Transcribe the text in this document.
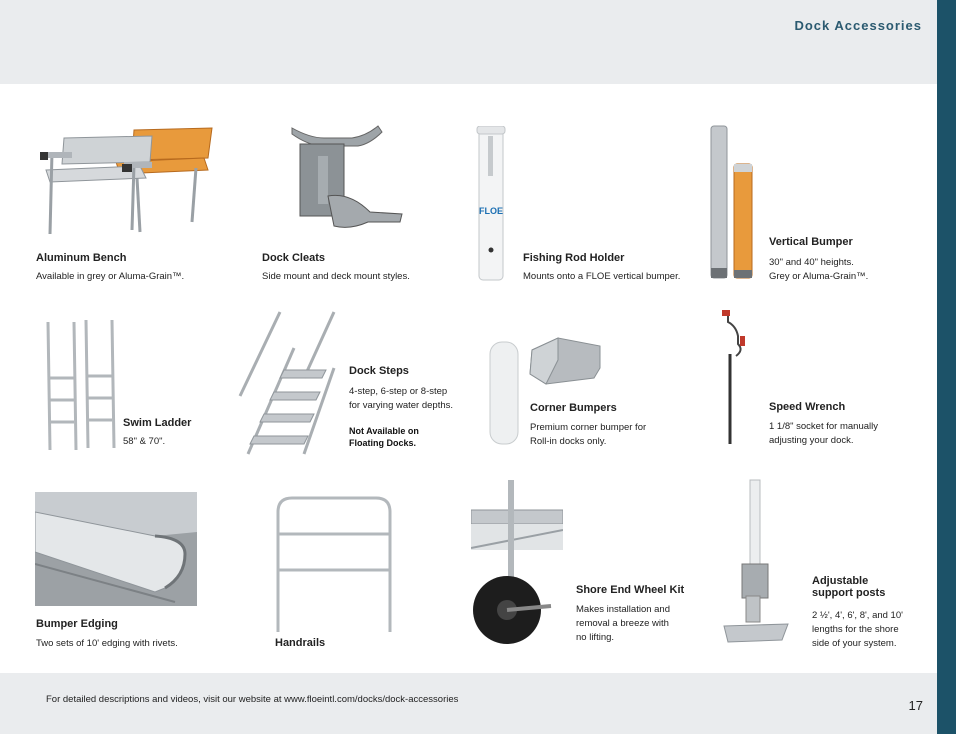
Dock Accessories
Aluminum Bench
Available in grey or Aluma-Grain™.
Dock Cleats
Side mount and deck mount styles.
FLOE
Fishing Rod Holder
Mounts onto a FLOE vertical bumper.
Vertical Bumper
30" and 40" heights.
Grey or Aluma-Grain™.
Swim Ladder
58" & 70".
Dock Steps
4-step, 6-step or 8-step
for varying water depths.
Not Available on
Floating Docks.
Corner Bumpers
Premium corner bumper for
Roll-in docks only.
Speed Wrench
1 1/8" socket for manually
adjusting your dock.
Bumper Edging
Two sets of 10' edging with rivets.	Handrails
Shore End Wheel Kit
Makes installation and
removal a breeze with
no lifting.
Adjustable
support posts
2 ½', 4', 6', 8', and 10'
lengths for the shore
side of your system.
For detailed descriptions and videos, visit our website at www.floeintl.com/docks/dock-accessories	17
